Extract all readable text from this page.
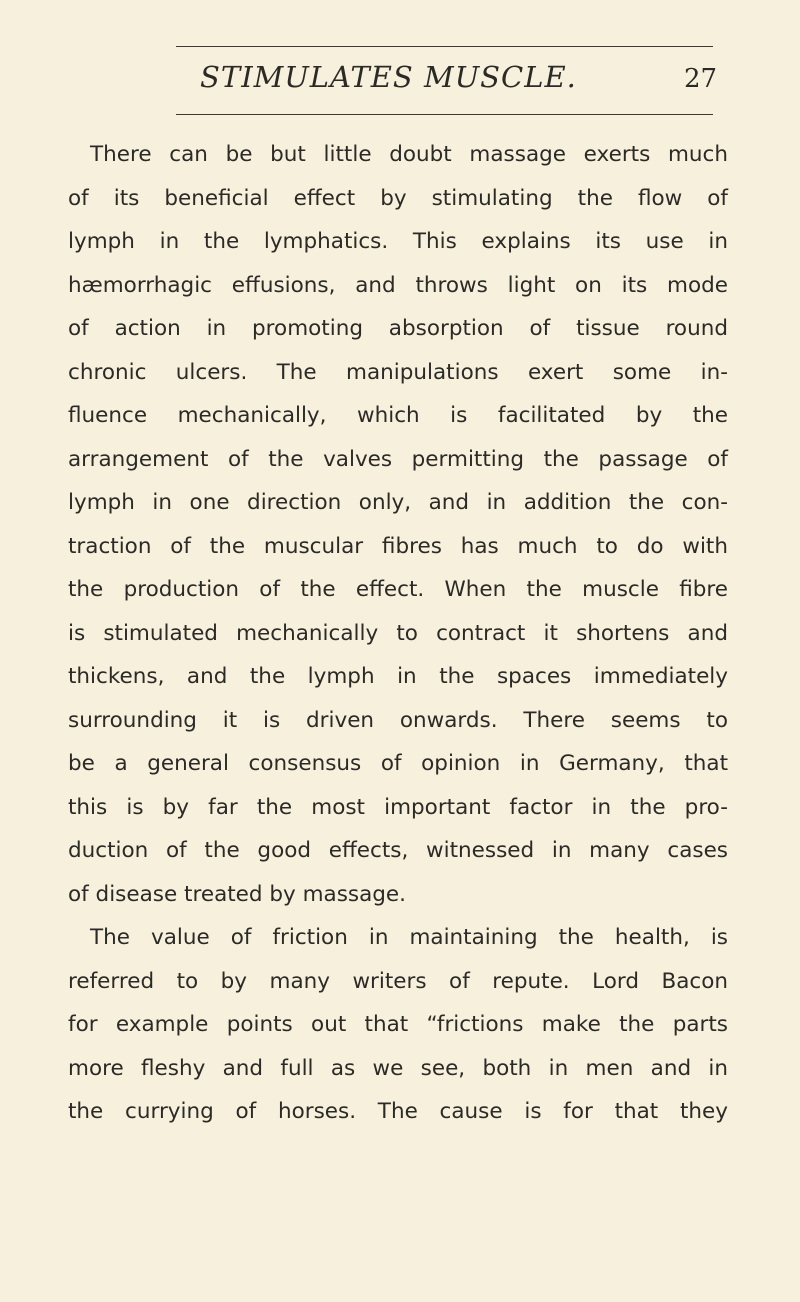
STIMULATES MUSCLE.	27
There can be but little doubt massage exerts much
of its beneficial effect by stimulating the flow of
lymph in the lymphatics. This explains its use in
hæmorrhagic effusions, and throws light on its mode
of action in promoting absorption of tissue round
chronic ulcers. The manipulations exert some in-
fluence mechanically, which is facilitated by the
arrangement of the valves permitting the passage of
lymph in one direction only, and in addition the con-
traction of the muscular fibres has much to do with
the production of the effect. When the muscle fibre
is stimulated mechanically to contract it shortens and
thickens, and the lymph in the spaces immediately
surrounding it is driven onwards. There seems to
be a general consensus of opinion in Germany, that
this is by far the most important factor in the pro-
duction of the good effects, witnessed in many cases
of disease treated by massage.
The value of friction in maintaining the health, is
referred to by many writers of repute. Lord Bacon
for example points out that “frictions make the parts
more fleshy and full as we see, both in men and in
the currying of horses. The cause is for that they
